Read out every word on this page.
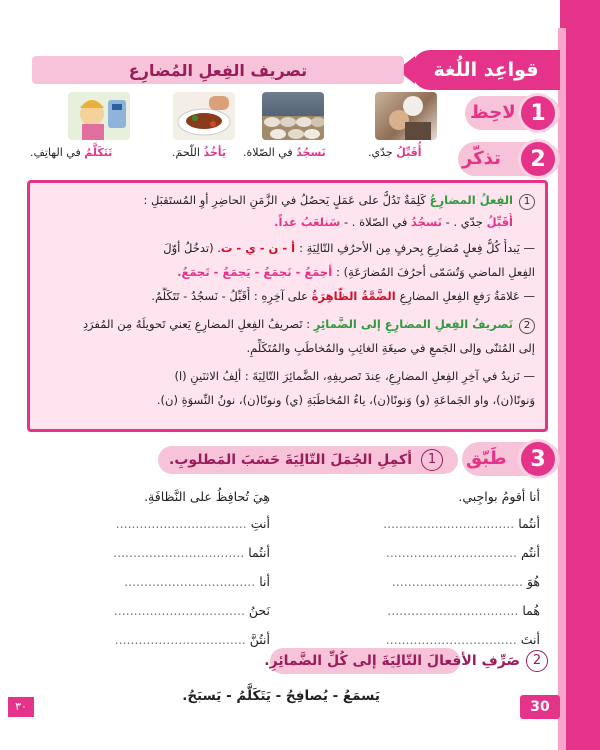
قواعِد اللُغة
تصريف الفِعلِ المُضارِع
1
لاحِظ
أُقَبِّلُ جدّي.
نَسجُدُ في الصّلاة.
يَأخُذُ اللّحمَ.
تَتَكَلَّمُ في الهاتِفِ.	2
تذكّر
1الفِعلُ المضارِعُ كَلِمَةٌ تَدُلُّ على عَمَلٍ يَحصُلُ في الزَّمَنِ الحاضِرِ أوِ المُستَقبَلِ :
أُقَبِّلُ جدّي . - نَسجُدُ في الصّلاة . - سَنلعَبُ غداً.
— يَبدأُ كُلُّ فِعلٍ مُضارِعٍ بِحرفٍ مِن الأحرُفِ التّالِيَةِ : أ - ن - ي - ت. (تدخُلُ أوّلَ
الفِعلِ الماضي وَتُسَمّى أحرُفَ المُضارَعَةِ) : أجمَعُ - نَجمَعُ - يَجمَعُ - تَجمَعُ.
— عَلامَةُ رَفعِ الفِعلِ المضارِعِ الضَّمَّةُ الظّاهِرَةُ على آخِرِهِ : أُقَبِّلُ - نَسجُدُ - تَتَكَلَّمُ.
2تَصريفُ الفِعلِ المضارِعِ إلى الضَّمائِرِ : تَصريفُ الفِعلِ المضارِعِ يَعني تَحويلَهُ مِن المُفرَدِ
إلى المُثنّى وإلى الجَمعِ في صيغَةِ الغائِبِ والمُخاطَبِ والمُتَكَلِّمِ.
— نَزيدُ في آخِرِ الفِعلِ المضارِعِ، عِندَ تَصريفِهِ، الضَّمائِرَ التّالِيَةَ : ألِفُ الاثنَينِ (ا)
وَنونًا(ن)، واو الجَماعَةِ (و) وَنونًا(ن)، ياءُ المُخاطَبَةِ (ي) ونونًا(ن)، نونُ النِّسوَةِ (ن).
3
طَبّق
1
أكمِلِ الجُمَلَ التّالِيَةَ حَسَبَ المَطلوبِ.
أنا أقومُ بواجِبي.
أنتُما .................................
أنتُم .................................
هُوَ .................................
هُما .................................
أنتَ .................................
هِيَ تُحافِظُ على النَّظافَةِ.
أنتِ .................................
أنتُما .................................
أنا .................................
نَحنُ .................................
أنتُنَّ .................................
2
صَرِّفِ الأفعالَ التّالِيَةَ إلى كُلِّ الضَّمائِرِ.
يَسمَعُ - يُصافِحُ - يَتَكَلَّمُ - يَسبَحُ.
30
٣٠
